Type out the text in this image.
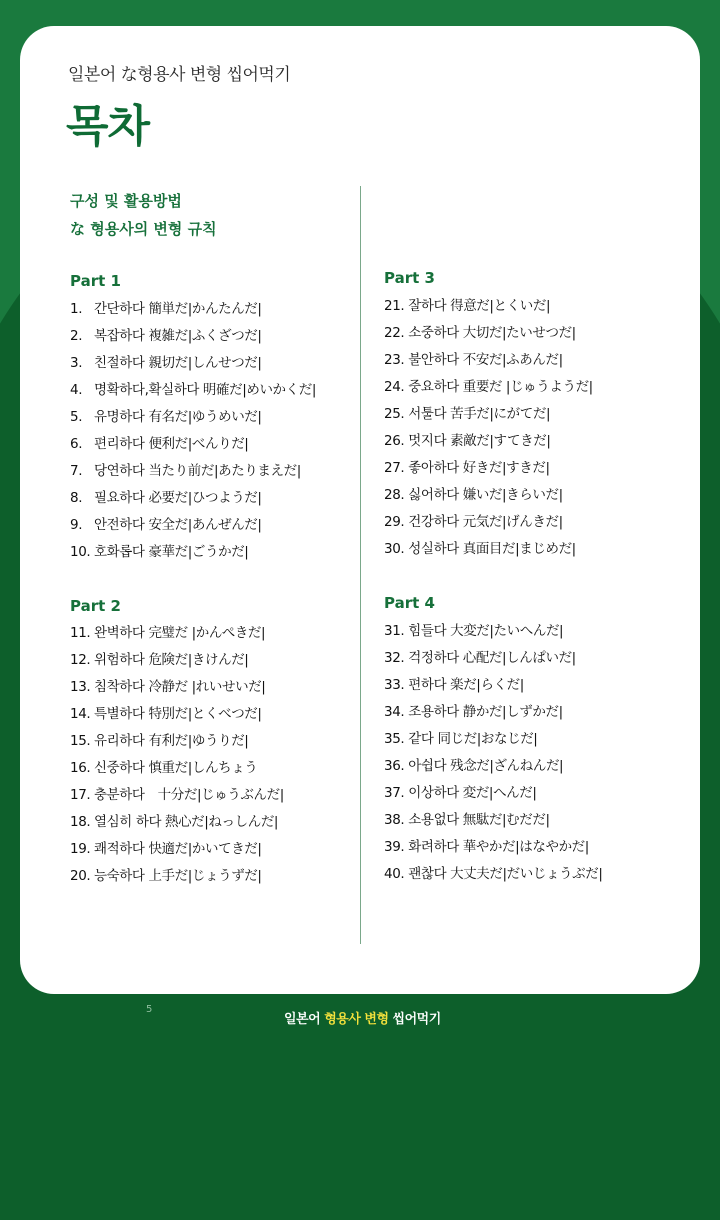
일본어 な형용사 변형 씹어먹기
목차
구성 및 활용방법
な 형용사의 변형 규칙
Part 1
1. 간단하다 簡単だ|かんたんだ|
2. 복잡하다 複雑だ|ふくざつだ|
3. 친절하다 親切だ|しんせつだ|
4. 명확하다,확실하다 明確だ|めいかくだ|
5. 유명하다 有名だ|ゆうめいだ|
6. 편리하다 便利だ|べんりだ|
7. 당연하다 当たり前だ|あたりまえだ|
8. 필요하다 必要だ|ひつようだ|
9. 안전하다 安全だ|あんぜんだ|
10. 호화롭다 豪華だ|ごうかだ|
Part 2
11. 완벽하다 完璧だ |かんぺきだ|
12. 위험하다 危険だ|きけんだ|
13. 침착하다 冷静だ |れいせいだ|
14. 특별하다 特別だ|とくべつだ|
15. 유리하다 有利だ|ゆうりだ|
16. 신중하다 慎重だ|しんちょう
17. 충분하다　十分だ|じゅうぶんだ|
18. 열심히 하다 熱心だ|ねっしんだ|
19. 쾌적하다 快適だ|かいてきだ|
20. 능숙하다 上手だ|じょうずだ|
Part 3
21. 잘하다 得意だ|とくいだ|
22. 소중하다 大切だ|たいせつだ|
23. 불안하다 不安だ|ふあんだ|
24. 중요하다 重要だ |じゅうようだ|
25. 서툴다 苦手だ|にがてだ|
26. 멋지다 素敵だ|すてきだ|
27. 좋아하다 好きだ|すきだ|
28. 싫어하다 嫌いだ|きらいだ|
29. 건강하다 元気だ|げんきだ|
30. 성실하다 真面目だ|まじめだ|
Part 4
31. 힘들다 大変だ|たいへんだ|
32. 걱정하다 心配だ|しんぱいだ|
33. 편하다 楽だ|らくだ|
34. 조용하다 静かだ|しずかだ|
35. 같다 同じだ|おなじだ|
36. 아쉽다 残念だ|ざんねんだ|
37. 이상하다 変だ|へんだ|
38. 소용없다 無駄だ|むだだ|
39. 화려하다 華やかだ|はなやかだ|
40. 괜찮다 大丈夫だ|だいじょうぶだ|
5
일본어 형용사 변형 씹어먹기
